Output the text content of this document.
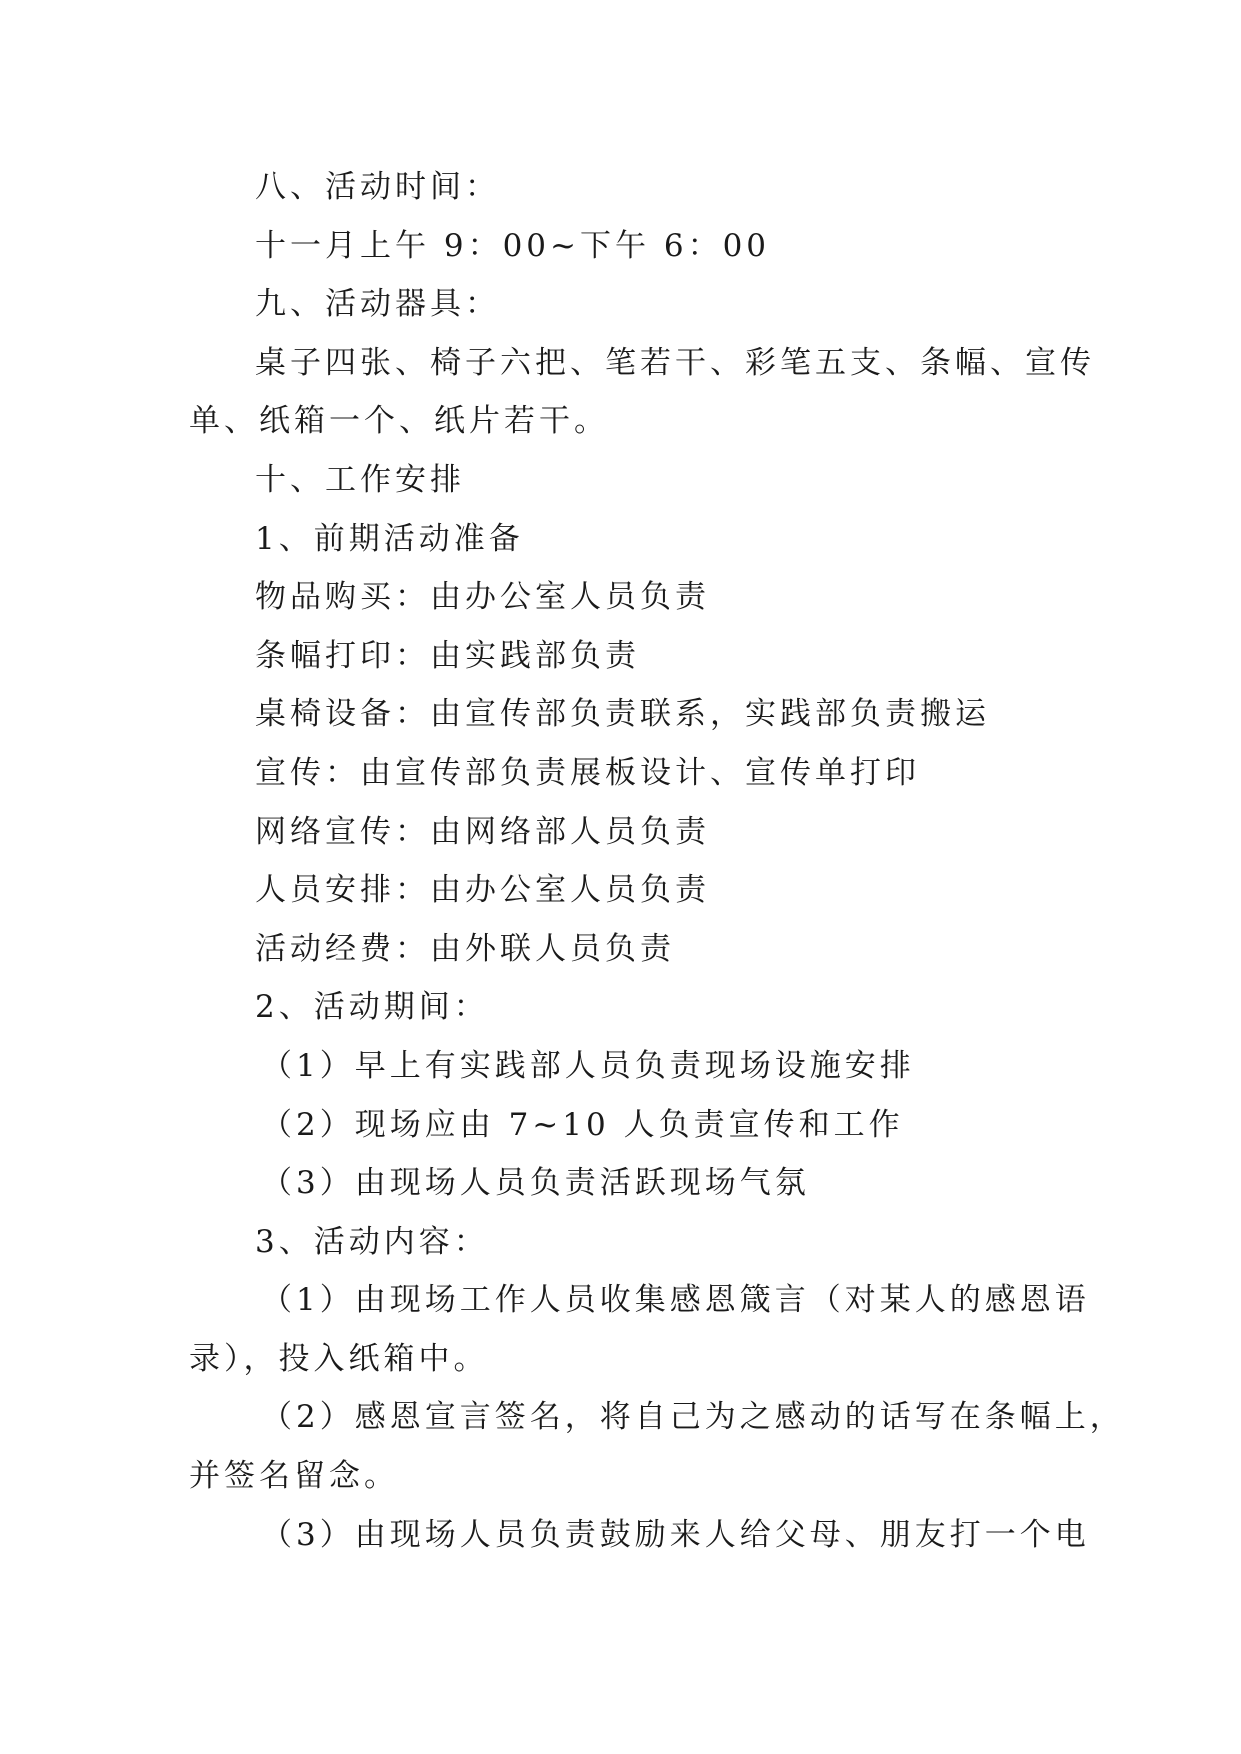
八、活动时间：
十一月上午 9：00~下午 6：00
九、活动器具：
桌子四张、椅子六把、笔若干、彩笔五支、条幅、宣传
单、纸箱一个、纸片若干。
十、工作安排
1、前期活动准备
物品购买：由办公室人员负责
条幅打印：由实践部负责
桌椅设备：由宣传部负责联系，实践部负责搬运
宣传：由宣传部负责展板设计、宣传单打印
网络宣传：由网络部人员负责
人员安排：由办公室人员负责
活动经费：由外联人员负责
2、活动期间：
（1）早上有实践部人员负责现场设施安排
（2）现场应由 7~10 人负责宣传和工作
（3）由现场人员负责活跃现场气氛
3、活动内容：
（1）由现场工作人员收集感恩箴言（对某人的感恩语
录），投入纸箱中。
（2）感恩宣言签名，将自己为之感动的话写在条幅上，
并签名留念。
（3）由现场人员负责鼓励来人给父母、朋友打一个电
